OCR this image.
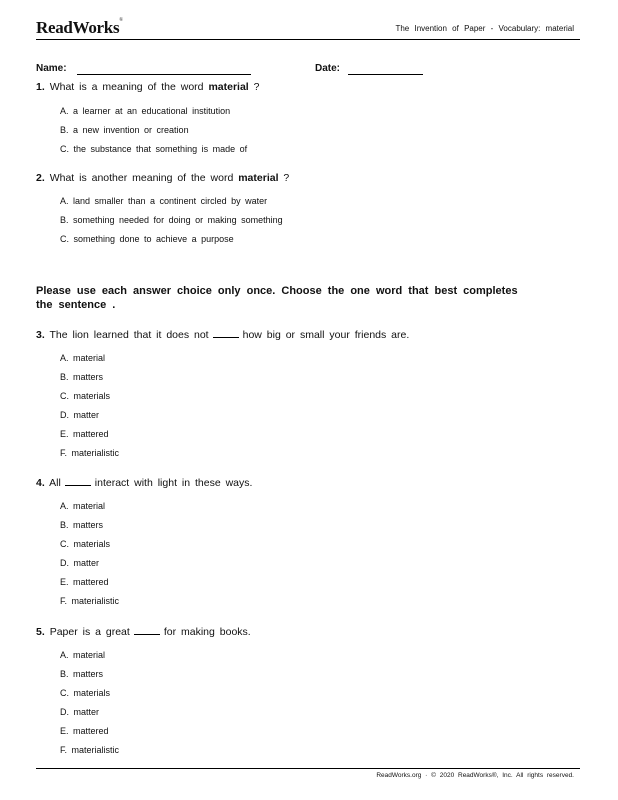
ReadWorks®
The Invention of Paper - Vocabulary: material
Name:	Date:
1. What is a meaning of the word material ?
A. a learner at an educational institution
B. a new invention or creation
C. the substance that something is made of
2. What is another meaning of the word material ?
A. land smaller than a continent circled by water
B. something needed for doing or making something
C. something done to achieve a purpose
Please use each answer choice only once. Choose the one word that best completes the sentence .
3. The lion learned that it does not	how big or small your friends are.
A. material
B. matters
C. materials
D. matter
E. mattered
F. materialistic
4. All	interact with light in these ways.
A. material
B. matters
C. materials
D. matter
E. mattered
F. materialistic
5. Paper is a great	for making books.
A. material
B. matters
C. materials
D. matter
E. mattered
F. materialistic
ReadWorks.org · © 2020 ReadWorks®, Inc. All rights reserved.
